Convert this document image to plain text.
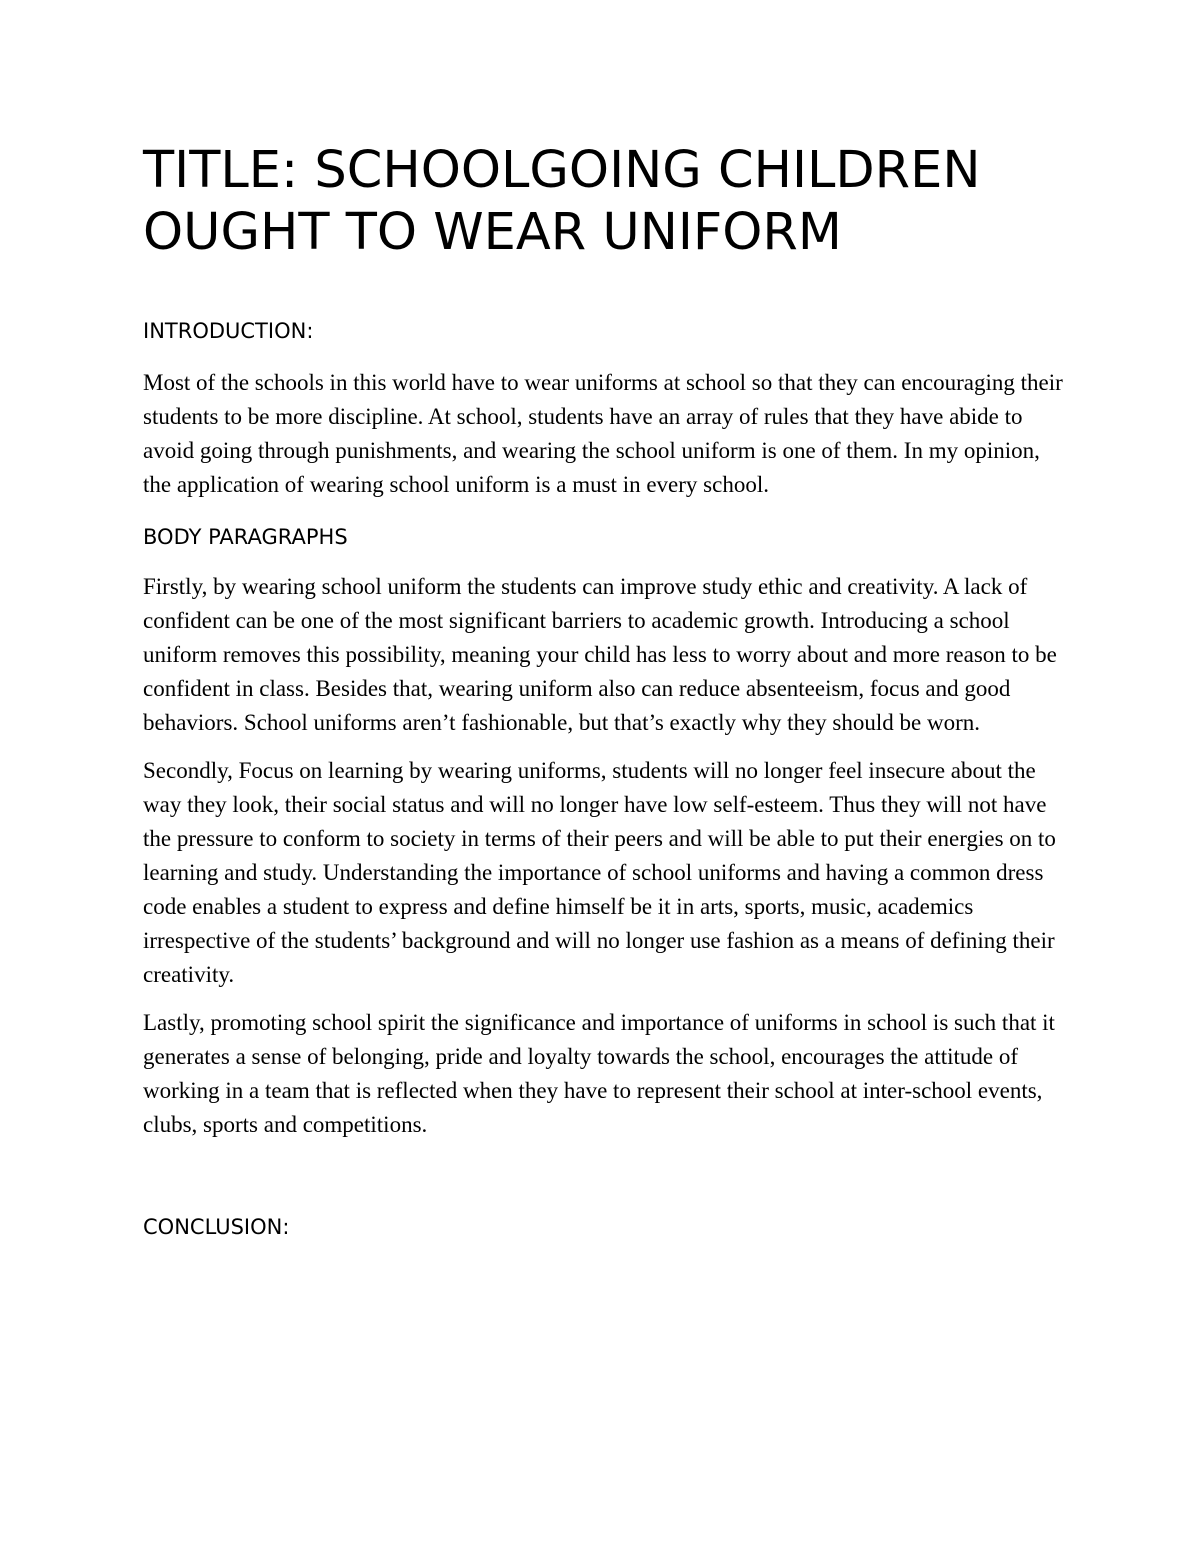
TITLE: SCHOOLGOING CHILDREN OUGHT TO WEAR UNIFORM

INTRODUCTION:

Most of the schools in this world have to wear uniforms at school so that they can encouraging their students to be more discipline. At school, students have an array of rules that they have abide to avoid going through punishments, and wearing the school uniform is one of them. In my opinion, the application of wearing school uniform is a must in every school.

BODY PARAGRAPHS

Firstly, by wearing school uniform the students can improve study ethic and creativity. A lack of confident can be one of the most significant barriers to academic growth. Introducing a school uniform removes this possibility, meaning your child has less to worry about and more reason to be confident in class. Besides that, wearing uniform also can reduce absenteeism, focus and good behaviors. School uniforms aren’t fashionable, but that’s exactly why they should be worn.

Secondly, Focus on learning by wearing uniforms, students will no longer feel insecure about the way they look, their social status and will no longer have low self-esteem. Thus they will not have the pressure to conform to society in terms of their peers and will be able to put their energies on to learning and study. Understanding the importance of school uniforms and having a common dress code enables a student to express and define himself be it in arts, sports, music, academics irrespective of the students’ background and will no longer use fashion as a means of defining their creativity.

Lastly, promoting school spirit the significance and importance of uniforms in school is such that it generates a sense of belonging, pride and loyalty towards the school, encourages the attitude of working in a team that is reflected when they have to represent their school at inter-school events, clubs, sports and competitions.

CONCLUSION:
